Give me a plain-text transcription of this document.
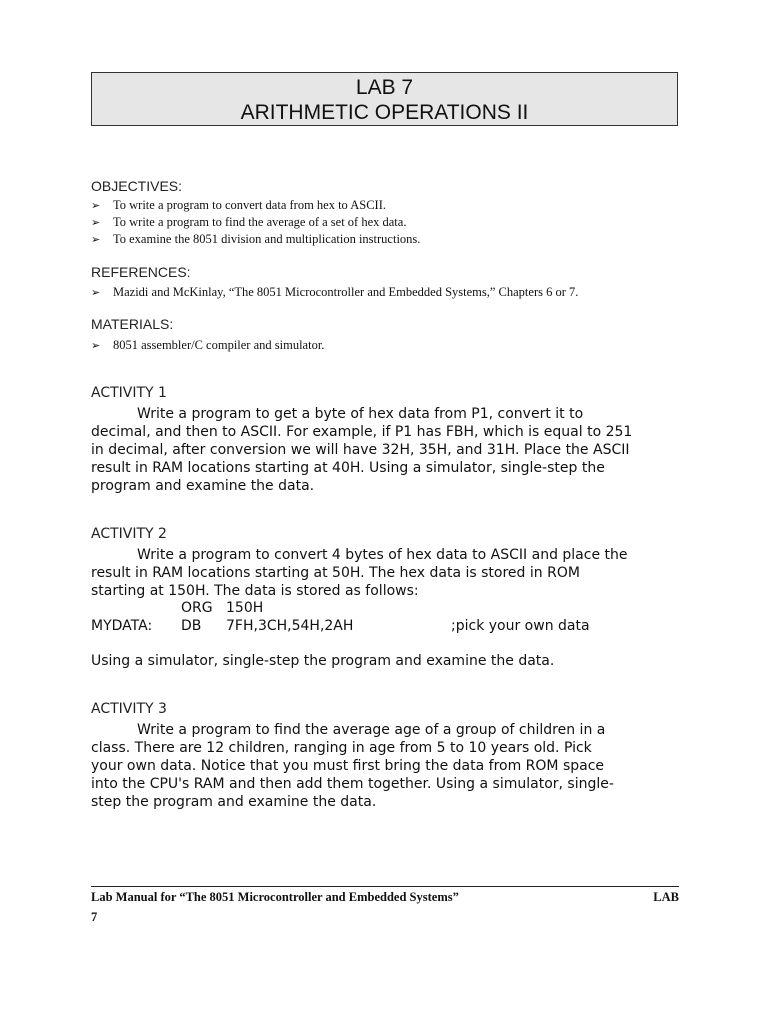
LAB 7
ARITHMETIC OPERATIONS II
OBJECTIVES:
➢ To write a program to convert data from hex to ASCII.
➢ To write a program to find the average of a set of hex data.
➢ To examine the 8051 division and multiplication instructions.
REFERENCES:
➢ Mazidi and McKinlay, “The 8051 Microcontroller and Embedded Systems,” Chapters 6 or 7.
MATERIALS:
➢ 8051 assembler/C compiler and simulator.
ACTIVITY 1
Write a program to get a byte of hex data from P1, convert it to
decimal, and then to ASCII. For example, if P1 has FBH, which is equal to 251
in decimal, after conversion we will have 32H, 35H, and 31H. Place the ASCII
result in RAM locations starting at 40H. Using a simulator, single-step the
program and examine the data.
ACTIVITY 2
Write a program to convert 4 bytes of hex data to ASCII and place the
result in RAM locations starting at 50H. The hex data is stored in ROM
starting at 150H. The data is stored as follows:
ORG 150H
MYDATA: DB 7FH,3CH,54H,2AH	;pick your own data
Using a simulator, single-step the program and examine the data.
ACTIVITY 3
Write a program to find the average age of a group of children in a
class. There are 12 children, ranging in age from 5 to 10 years old. Pick
your own data. Notice that you must first bring the data from ROM space
into the CPU's RAM and then add them together. Using a simulator, single-
step the program and examine the data.
Lab Manual for “The 8051 Microcontroller and Embedded Systems”	LAB
7
